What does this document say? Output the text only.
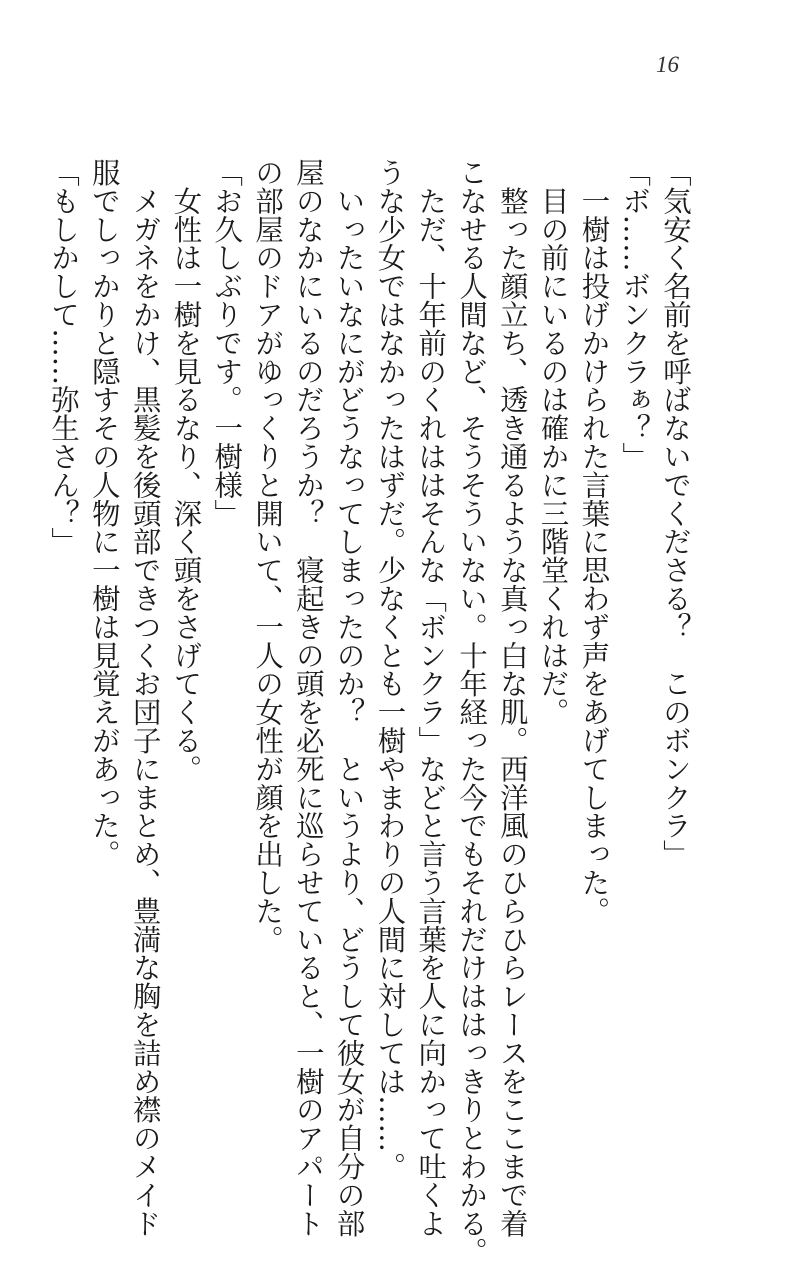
16
「気安く名前を呼ばないでくださる？　このボンクラ」
「ボ……ボンクラぁ？」
　一樹は投げかけられた言葉に思わず声をあげてしまった。
　目の前にいるのは確かに三階堂くれはだ。
　整った顔立ち、透き通るような真っ白な肌。西洋風のひらひらレースをここまで着
こなせる人間など、そうそういない。十年経った今でもそれだけははっきりとわかる。
　ただ、十年前のくれははそんな「ボンクラ」などと言う言葉を人に向かって吐くよ
うな少女ではなかったはずだ。少なくとも一樹やまわりの人間に対しては……。
　いったいなにがどうなってしまったのか？　というより、どうして彼女が自分の部
屋のなかにいるのだろうか？　寝起きの頭を必死に巡らせていると、一樹のアパート
の部屋のドアがゆっくりと開いて、一人の女性が顔を出した。
「お久しぶりです。一樹様」
　女性は一樹を見るなり、深く頭をさげてくる。
　メガネをかけ、黒髪を後頭部できつくお団子にまとめ、豊満な胸を詰め襟のメイド
服でしっかりと隠すその人物に一樹は見覚えがあった。
「もしかして……弥生さん？」
